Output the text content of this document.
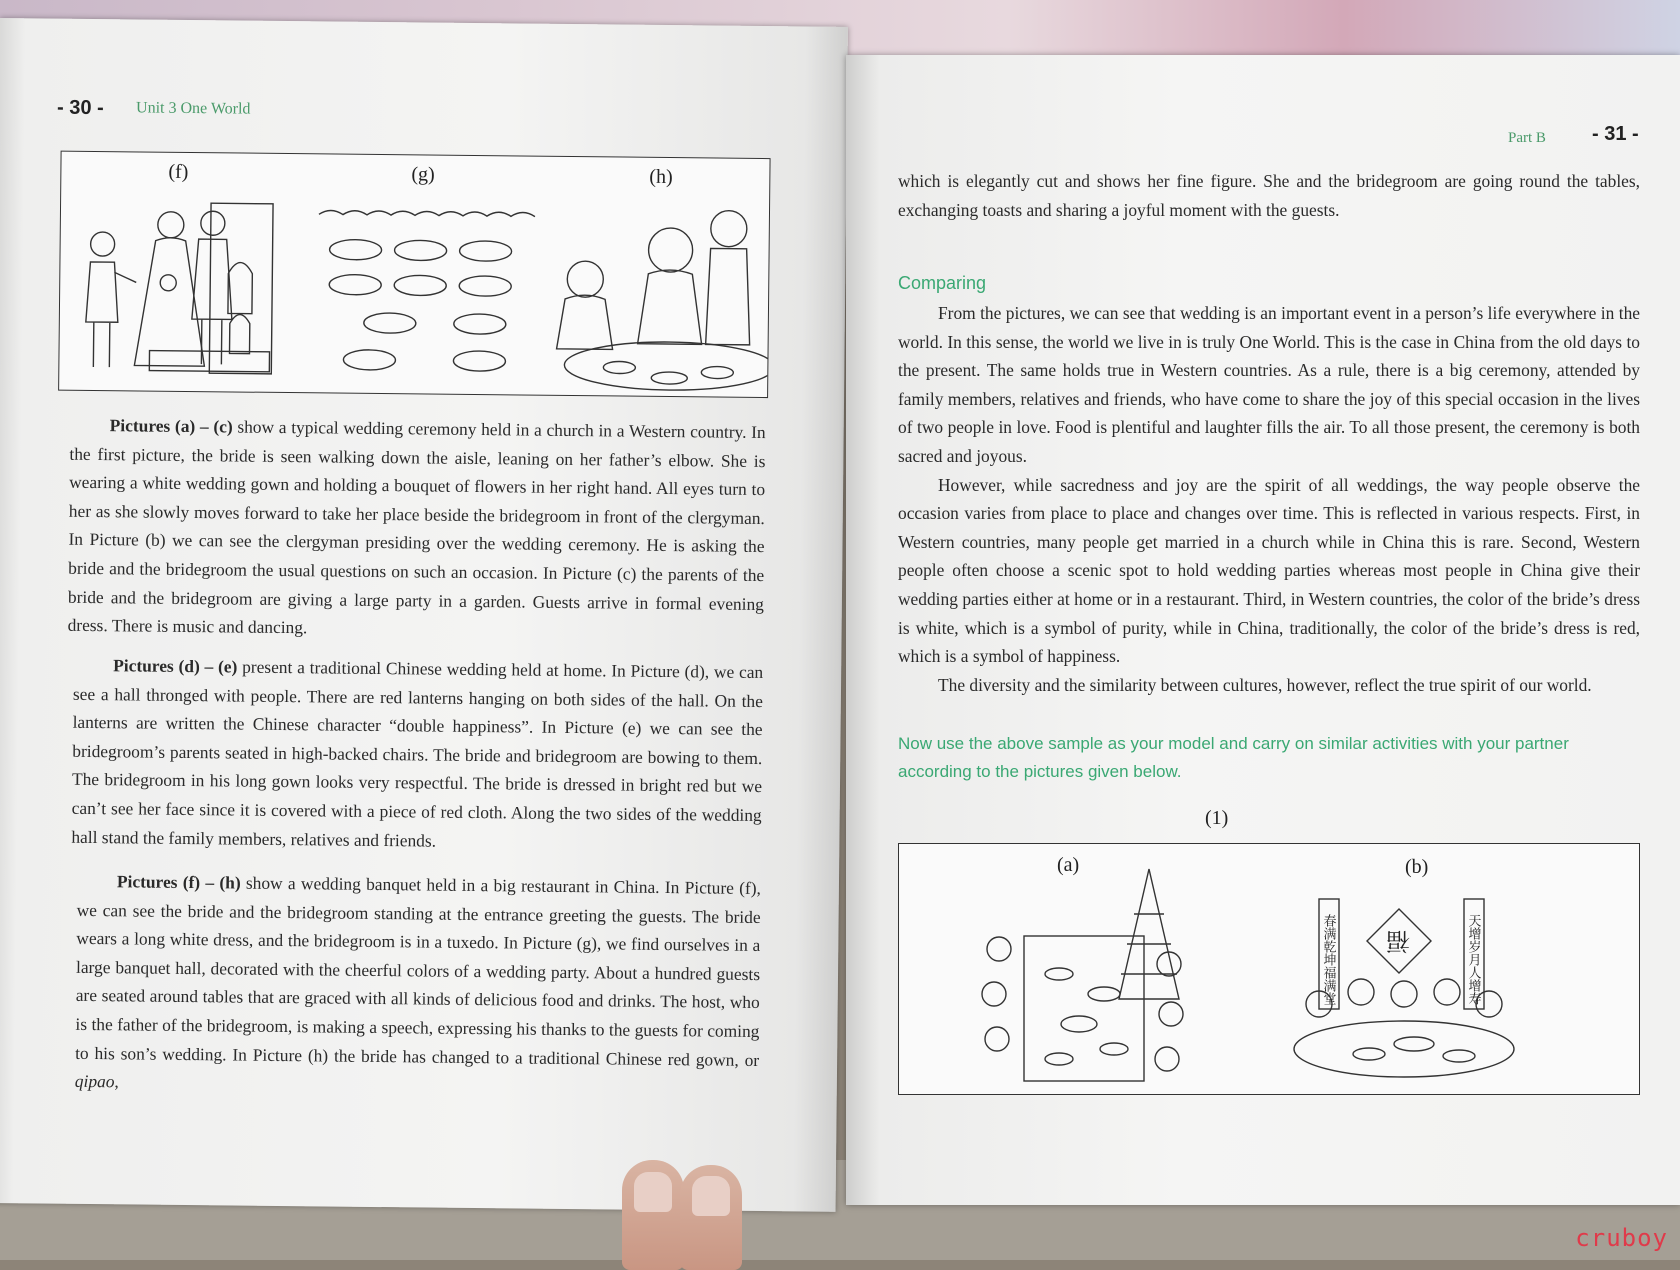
- 30 - Unit 3 One World
(f)	(g)	(h)

Pictures (a) – (c) show a typical wedding ceremony held in a church in a Western country. In the first picture, the bride is seen walking down the aisle, leaning on her father’s elbow. She is wearing a white wedding gown and holding a bouquet of flowers in her right hand. All eyes turn to her as she slowly moves forward to take her place beside the bridegroom in front of the clergyman. In Picture (b) we can see the clergyman presiding over the wedding ceremony. He is asking the bride and the bridegroom the usual questions on such an occasion. In Picture (c) the parents of the bride and the bridegroom are giving a large party in a garden. Guests arrive in formal evening dress. There is music and dancing.

Pictures (d) – (e) present a traditional Chinese wedding held at home. In Picture (d), we can see a hall thronged with people. There are red lanterns hanging on both sides of the hall. On the lanterns are written the Chinese character “double happiness”. In Picture (e) we can see the bridegroom’s parents seated in high-backed chairs. The bride and bridegroom are bowing to them. The bridegroom in his long gown looks very respectful. The bride is dressed in bright red but we can’t see her face since it is covered with a piece of red cloth. Along the two sides of the wedding hall stand the family members, relatives and friends.

Pictures (f) – (h) show a wedding banquet held in a big restaurant in China. In Picture (f), we can see the bride and the bridegroom standing at the entrance greeting the guests. The bride wears a long white dress, and the bridegroom is in a tuxedo. In Picture (g), we find ourselves in a large banquet hall, decorated with the cheerful colors of a wedding party. About a hundred guests are seated around tables that are graced with all kinds of delicious food and drinks. The host, who is the father of the bridegroom, is making a speech, expressing his thanks to the guests for coming to his son’s wedding. In Picture (h) the bride has changed to a traditional Chinese red gown, or qipao,

Part B - 31 -
which is elegantly cut and shows her fine figure. She and the bridegroom are going round the tables, exchanging toasts and sharing a joyful moment with the guests.
Comparing

From the pictures, we can see that wedding is an important event in a person’s life everywhere in the world. In this sense, the world we live in is truly One World. This is the case in China from the old days to the present. The same holds true in Western countries. As a rule, there is a big ceremony, attended by family members, relatives and friends, who have come to share the joy of this special occasion in the lives of two people in love. Food is plentiful and laughter fills the air. To all those present, the ceremony is both sacred and joyous.

However, while sacredness and joy are the spirit of all weddings, the way people observe the occasion varies from place to place and changes over time. This is reflected in various respects. First, in Western countries, many people get married in a church while in China this is rare. Second, Western people often choose a scenic spot to hold wedding parties whereas most people in China give their wedding parties either at home or in a restaurant. Third, in Western countries, the color of the bride’s dress is white, which is a symbol of purity, while in China, traditionally, the color of the bride’s dress is red, which is a symbol of happiness.

The diversity and the similarity between cultures, however, reflect the true spirit of our world.

Now use the above sample as your model and carry on similar activities with your partner according to the pictures given below.
(1)
(a)	(b)
春满乾坤福满堂	天增岁月人增寿
福
cruboy
